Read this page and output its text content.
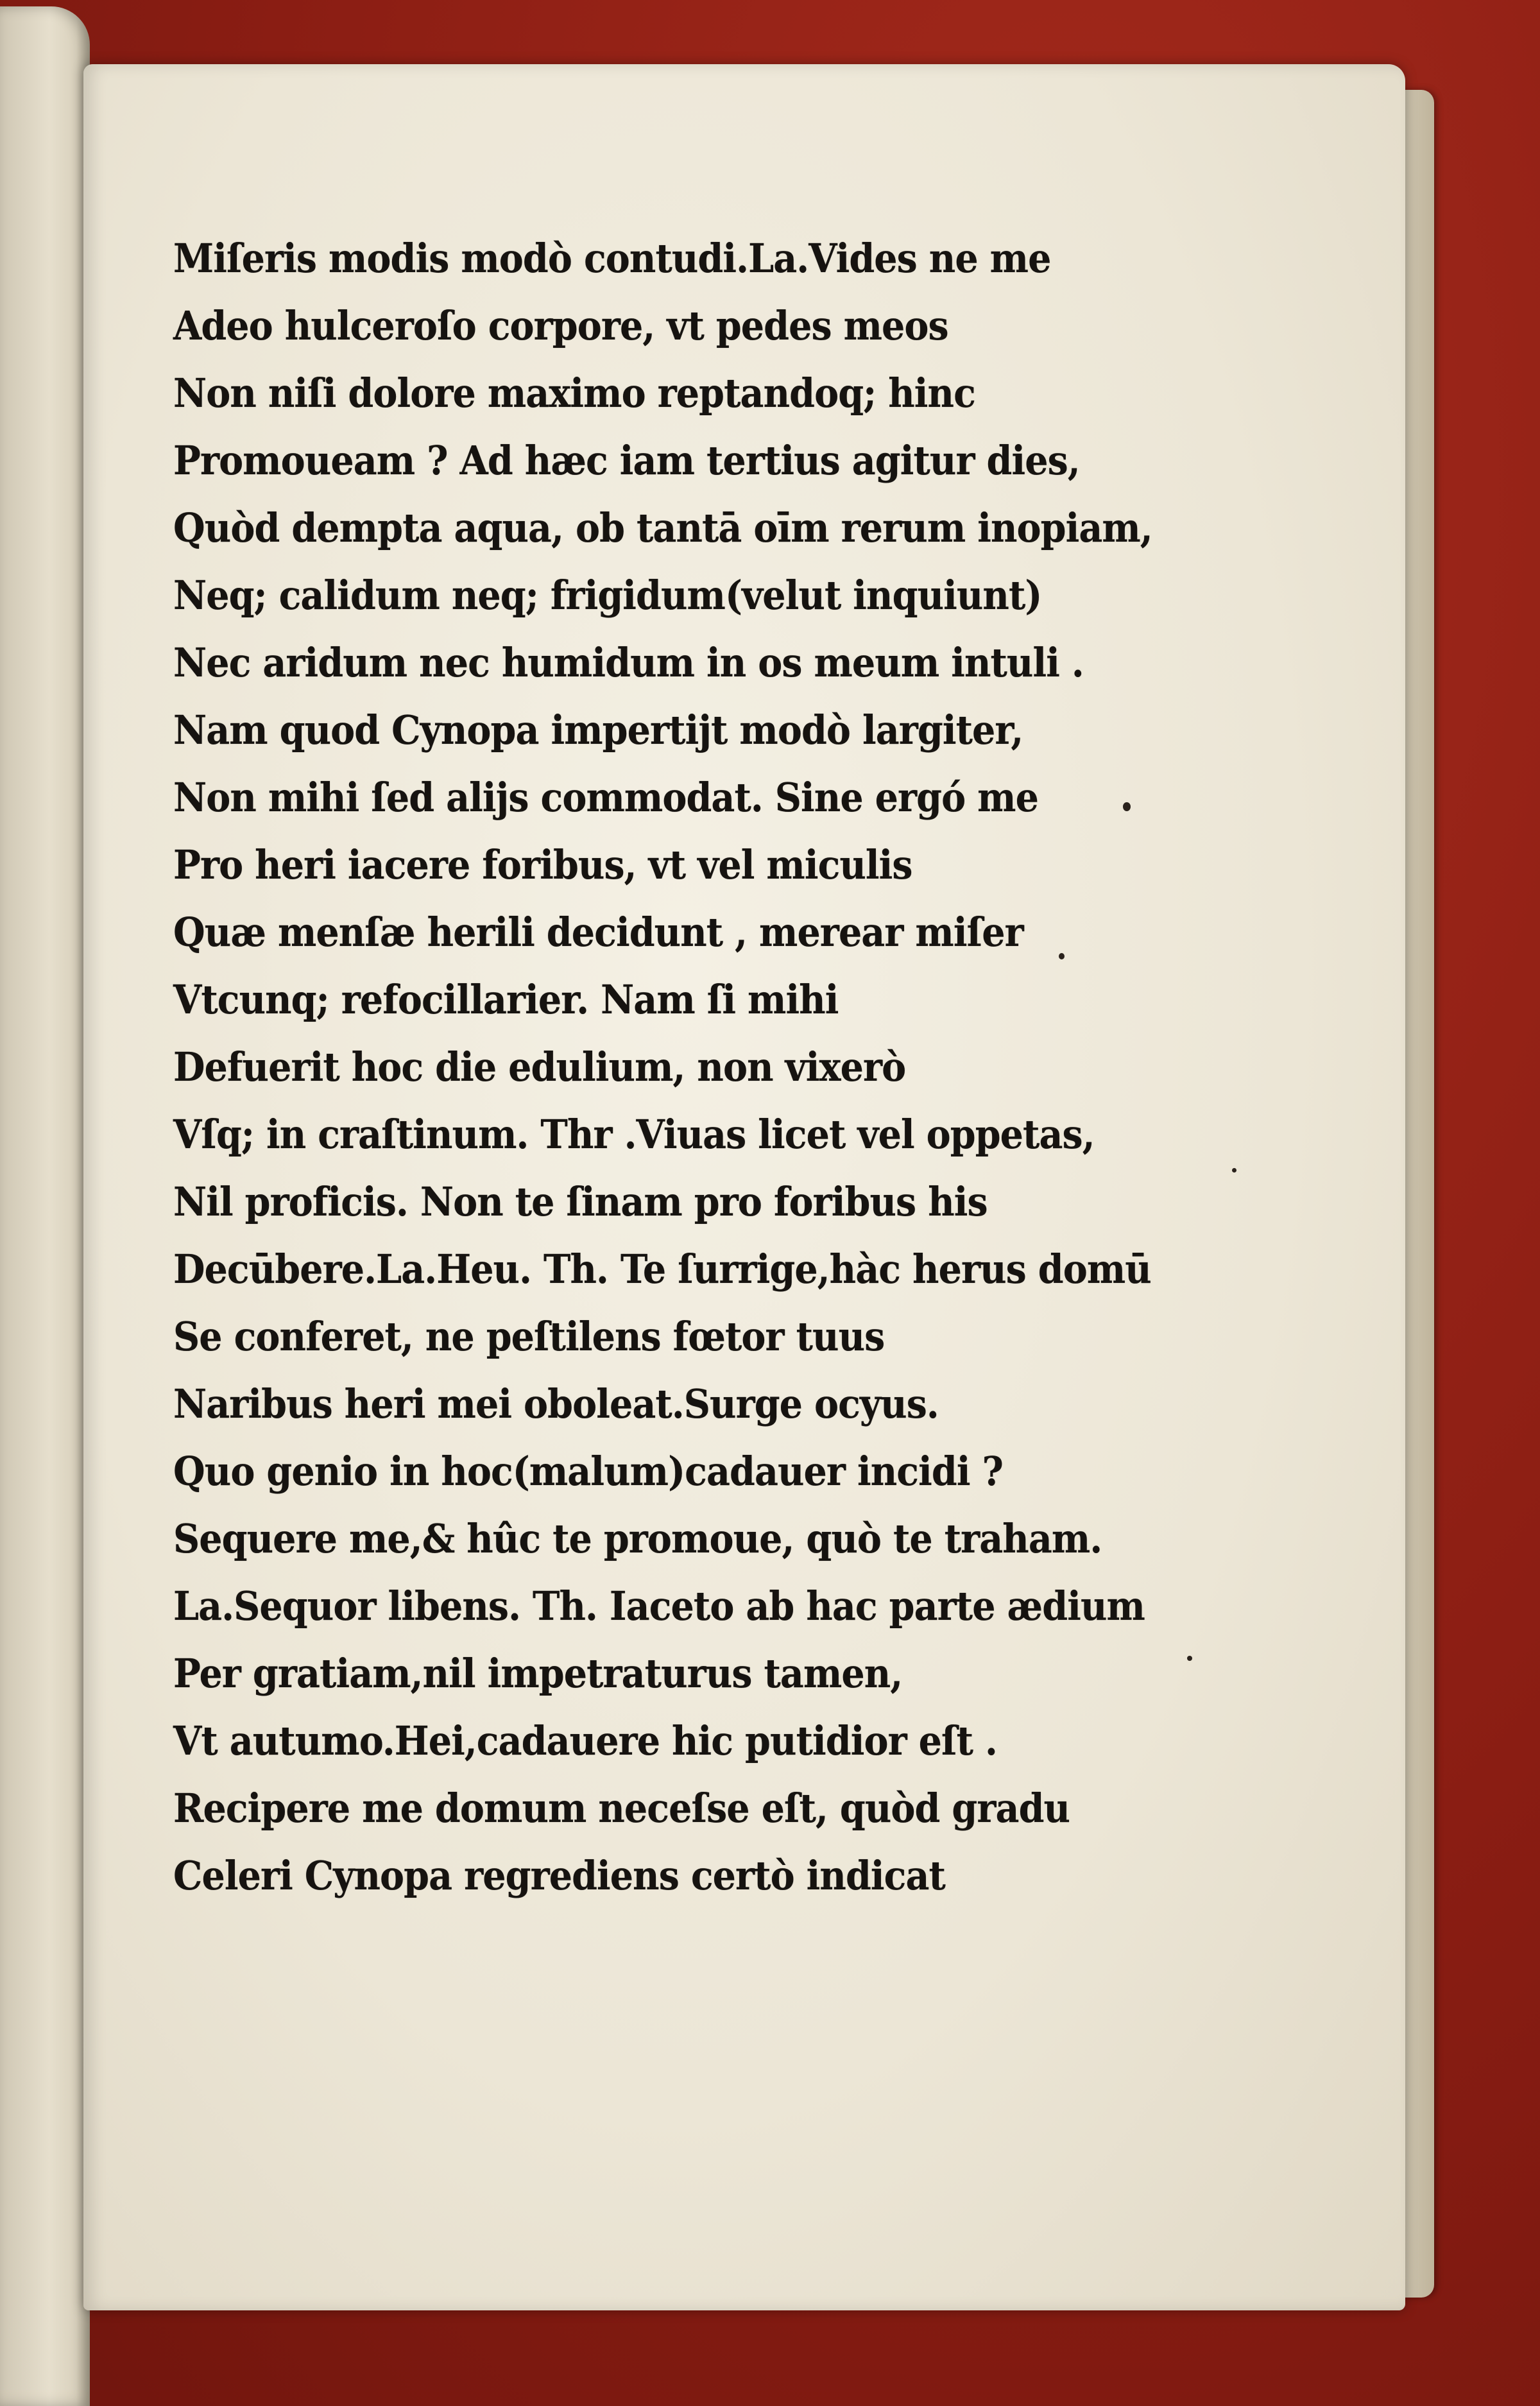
Miſeris modis modò contudi.La.Vides ne me
Adeo hulceroſo corpore, vt pedes meos
Non niſi dolore maximo reptandoq; hinc
Promoueam ? Ad hæc iam tertius agitur dies,
Quòd dempta aqua, ob tantā oīm rerum inopiam,
Neq; calidum neq; frigidum(velut inquiunt)
Nec aridum nec humidum in os meum intuli .
Nam quod Cynopa impertijt modò largiter,
Non mihi ſed alijs commodat. Sine ergó me
Pro heri iacere foribus, vt vel miculis
Quæ menſæ herili decidunt , merear miſer
Vtcunq; refocillarier. Nam ſi mihi
Defuerit hoc die edulium, non vixerò
Vſq; in craſtinum. Thr .Viuas licet vel oppetas,
Nil proficis. Non te ſinam pro foribus his
Decūbere.La.Heu. Th. Te ſurrige,hàc herus domū
Se conferet, ne peſtilens fœtor tuus
Naribus heri mei oboleat.Surge ocyus.
Quo genio in hoc(malum)cadauer incidi ?
Sequere me,& hûc te promoue, quò te traham.
La.Sequor libens. Th. Iaceto ab hac parte ædium
Per gratiam,nil impetraturus tamen,
Vt autumo.Hei,cadauere hic putidior eſt .
Recipere me domum neceſse eſt, quòd gradu
Celeri Cynopa regrediens certò indicat
